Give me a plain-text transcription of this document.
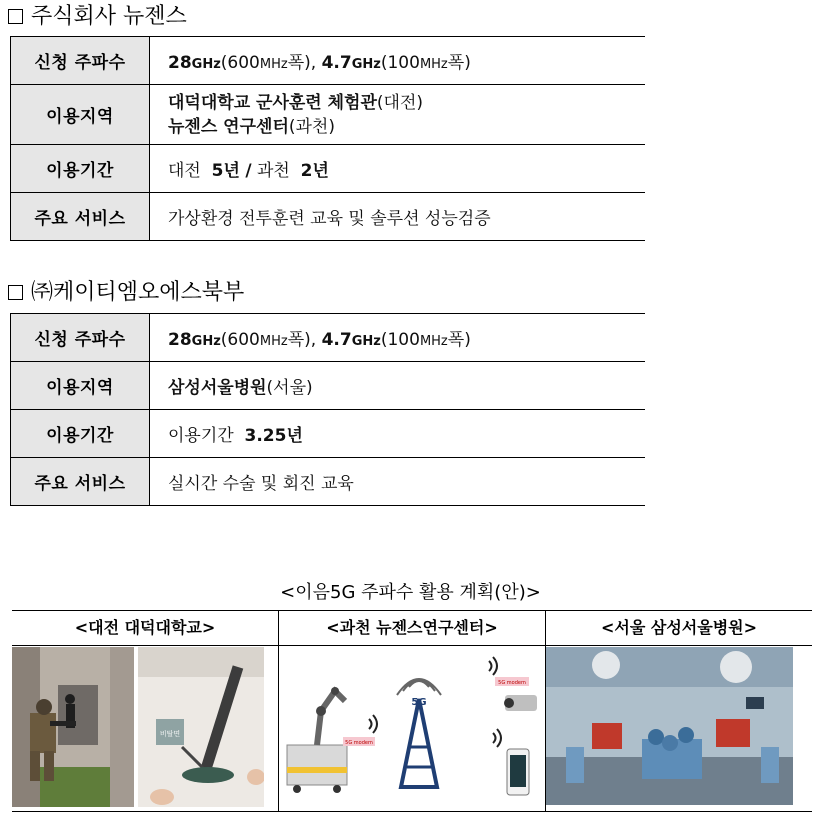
주식회사 뉴젠스
신청 주파수	28GHz(600MHz폭), 4.7GHz(100MHz폭)
이용지역	대덕대학교 군사훈련 체험관(대전)
뉴젠스 연구센터(과천)
이용기간	대전 5년 / 과천 2년
주요 서비스	가상환경 전투훈련 교육 및 솔루션 성능검증
㈜케이티엠오에스북부
신청 주파수	28GHz(600MHz폭), 4.7GHz(100MHz폭)
이용지역	삼성서울병원(서울)
이용기간	이용기간 3.25년
주요 서비스	실시간 수술 및 회진 교육
<이음5G 주파수 활용 계획(안)>
<대전 대덕대학교>
비탈면
<과천 뉴젠스연구센터>
5G modem
5G
5G modem
<서울 삼성서울병원>
